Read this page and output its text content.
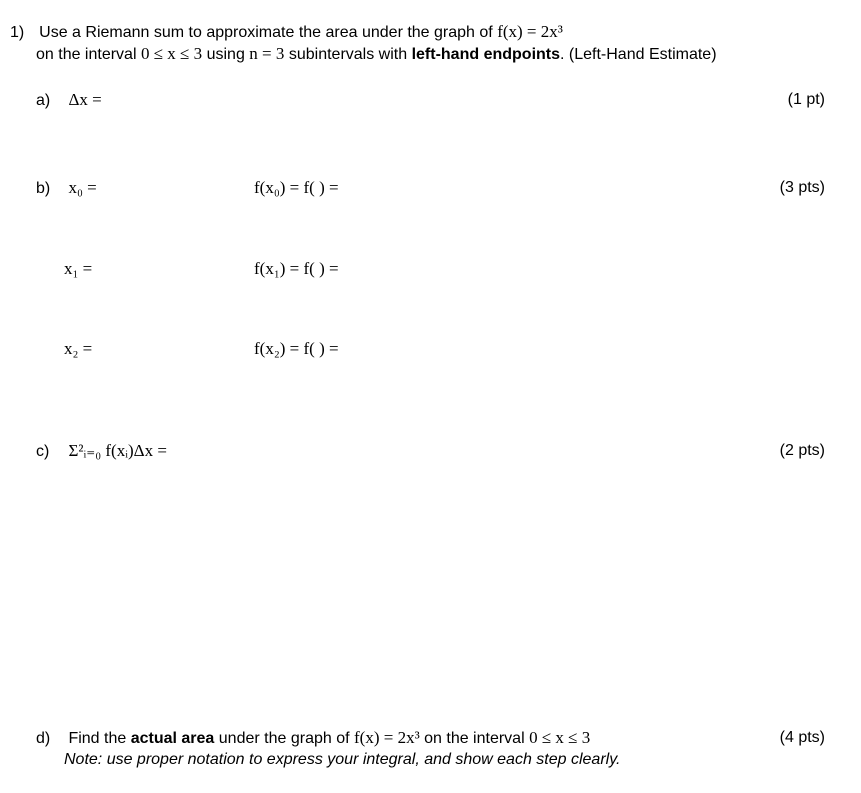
1) Use a Riemann sum to approximate the area under the graph of f(x) = 2x³
on the interval 0 ≤ x ≤ 3 using n = 3 subintervals with left-hand endpoints. (Left-Hand Estimate)
a) Δx =	(1 pt)
b) x₀ =	f(x₀) = f( ) =	(3 pts)
x₁ =	f(x₁) = f( ) =
x₂ =	f(x₂) = f( ) =
c) Σ²ᵢ₌₀ f(xᵢ)Δx =	(2 pts)
d) Find the actual area under the graph of f(x) = 2x³ on the interval 0 ≤ x ≤ 3	(4 pts)
Note: use proper notation to express your integral, and show each step clearly.
